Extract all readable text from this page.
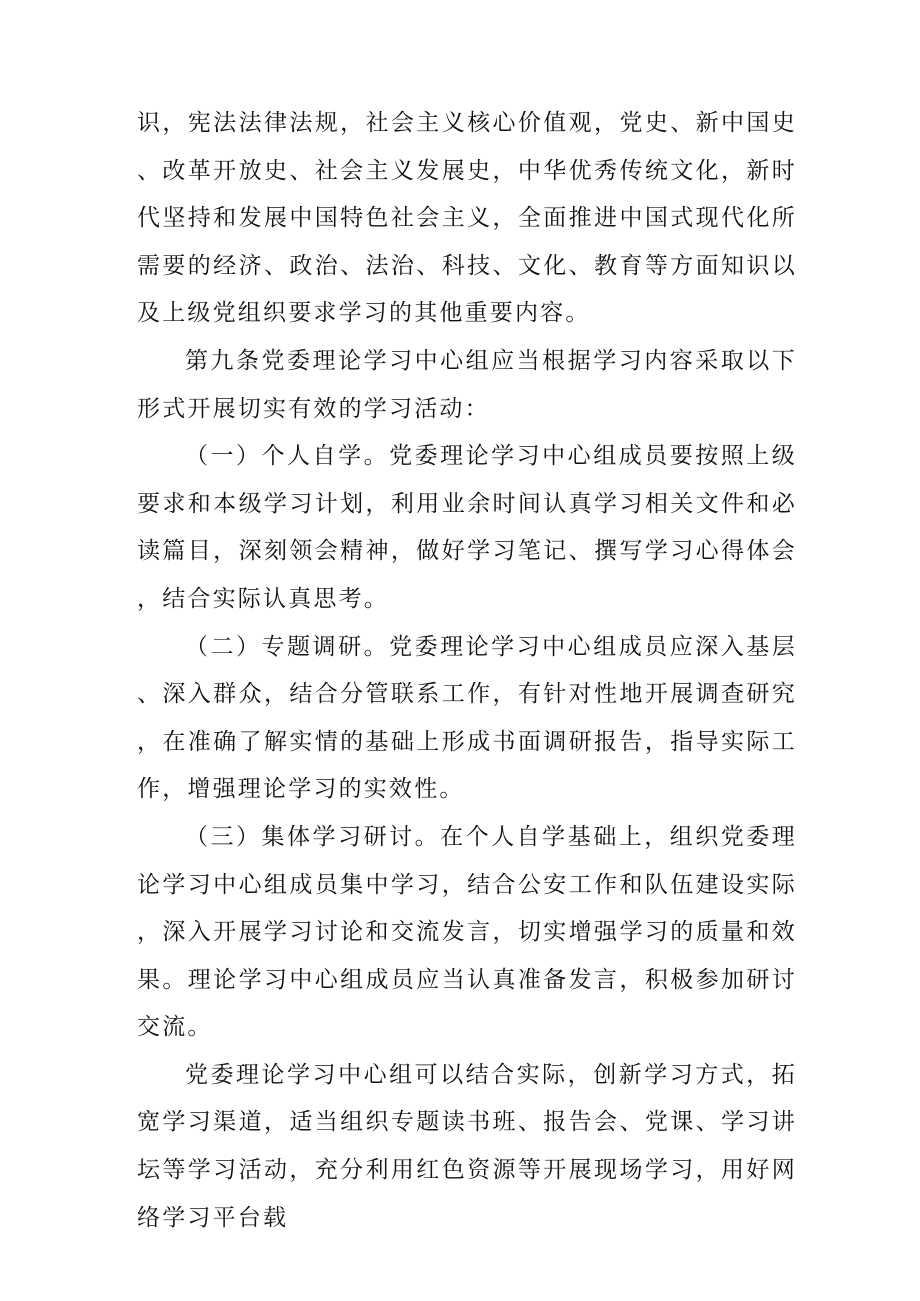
识，宪法法律法规，社会主义核心价值观，党史、新中国史、改革开放史、社会主义发展史，中华优秀传统文化，新时代坚持和发展中国特色社会主义，全面推进中国式现代化所需要的经济、政治、法治、科技、文化、教育等方面知识以及上级党组织要求学习的其他重要内容。

第九条党委理论学习中心组应当根据学习内容采取以下形式开展切实有效的学习活动：

（一）个人自学。党委理论学习中心组成员要按照上级要求和本级学习计划，利用业余时间认真学习相关文件和必读篇目，深刻领会精神，做好学习笔记、撰写学习心得体会，结合实际认真思考。

（二）专题调研。党委理论学习中心组成员应深入基层、深入群众，结合分管联系工作，有针对性地开展调查研究，在准确了解实情的基础上形成书面调研报告，指导实际工作，增强理论学习的实效性。

（三）集体学习研讨。在个人自学基础上，组织党委理论学习中心组成员集中学习，结合公安工作和队伍建设实际，深入开展学习讨论和交流发言，切实增强学习的质量和效果。理论学习中心组成员应当认真准备发言，积极参加研讨交流。

党委理论学习中心组可以结合实际，创新学习方式，拓宽学习渠道，适当组织专题读书班、报告会、党课、学习讲坛等学习活动，充分利用红色资源等开展现场学习，用好网络学习平台载
